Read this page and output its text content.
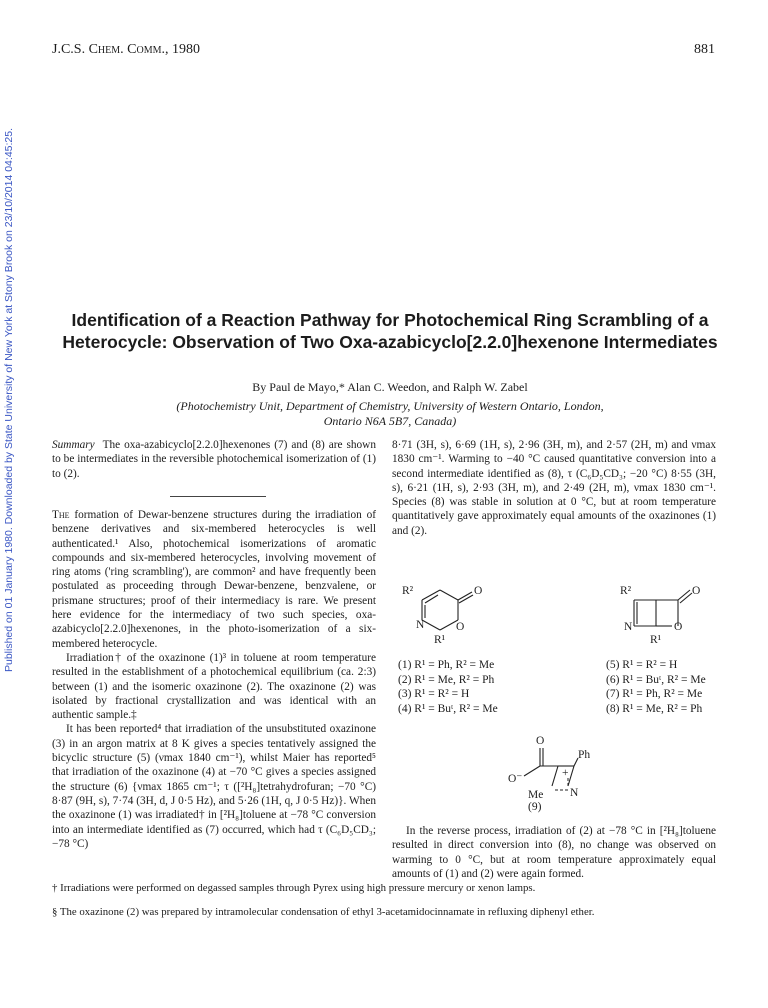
J.C.S. Chem. Comm., 1980	881
Published on 01 January 1980. Downloaded by State University of New York at Stony Brook on 23/10/2014 04:45:25.	Identification of a Reaction Pathway for Photochemical Ring Scrambling of a Heterocycle: Observation of Two Oxa-azabicyclo[2.2.0]hexenone Intermediates
By Paul de Mayo,* Alan C. Weedon, and Ralph W. Zabel
(Photochemistry Unit, Department of Chemistry, University of Western Ontario, London,
Ontario N6A 5B7, Canada)

Summary The oxa-azabicyclo[2.2.0]hexenones (7) and (8) are shown to be intermediates in the reversible photochemical isomerization of (1) to (2).

The formation of Dewar-benzene structures during the irradiation of benzene derivatives and six-membered heterocycles is well authenticated.¹ Also, photochemical isomerizations of aromatic compounds and six-membered heterocycles, involving movement of ring atoms ('ring scrambling'), are common² and have frequently been postulated as proceeding through Dewar-benzene, benzvalene, or prismane structures; proof of their intermediacy is rare. We present here evidence for the intermediacy of two such species, oxa-azabicyclo[2.2.0]hexenones, in the photo-isomerization of a six-membered heterocycle.

Irradiation† of the oxazinone (1)³ in toluene at room temperature resulted in the establishment of a photochemical equilibrium (ca. 2:3) between (1) and the isomeric oxazinone (2). The oxazinone (2) was isolated by fractional crystallization and was identical with an authentic sample.‡

It has been reported⁴ that irradiation of the unsubstituted oxazinone (3) in an argon matrix at 8 K gives a species tentatively assigned the bicyclic structure (5) (νmax 1840 cm⁻¹), whilst Maier has reported⁵ that irradiation of the oxazinone (4) at −70 °C gives a species assigned the structure (6) {νmax 1865 cm⁻¹; τ ([²H₈]tetrahydrofuran; −70 °C) 8·87 (9H, s), 7·74 (3H, d, J 0·5 Hz), and 5·26 (1H, q, J 0·5 Hz)}. When the oxazinone (1) was irradiated† in [²H₈]toluene at −78 °C conversion into an intermediate identified as (7) occurred, which had τ (C₆D₅CD₃; −78 °C)

8·71 (3H, s), 6·69 (1H, s), 2·96 (3H, m), and 2·57 (2H, m) and νmax 1830 cm⁻¹. Warming to −40 °C caused quantitative conversion into a second intermediate identified as (8), τ (C₆D₅CD₃; −20 °C) 8·55 (3H, s), 6·21 (1H, s), 2·93 (3H, m), and 2·49 (2H, m), νmax 1830 cm⁻¹. Species (8) was stable in solution at 0 °C, but at room temperature quantitatively gave approximately equal amounts of the oxazinones (1) and (2).

R²	O
N	O
R¹
R²	O
N	O
R¹
O
O⁻
Ph
+
N
Me
(1) R¹ = Ph, R² = Me
(2) R¹ = Me, R² = Ph
(3) R¹ = R² = H
(4) R¹ = Buᵗ, R² = Me
(5) R¹ = R² = H
(6) R¹ = Buᵗ, R² = Me
(7) R¹ = Ph, R² = Me
(8) R¹ = Me, R² = Ph
(9)
In the reverse process, irradiation of (2) at −78 °C in [²H₈]toluene resulted in direct conversion into (8), no change was observed on warming to 0 °C, but at room temperature approximately equal amounts of (1) and (2) were again formed.
† Irradiations were performed on degassed samples through Pyrex using high pressure mercury or xenon lamps.
§ The oxazinone (2) was prepared by intramolecular condensation of ethyl 3-acetamidocinnamate in refluxing diphenyl ether.
